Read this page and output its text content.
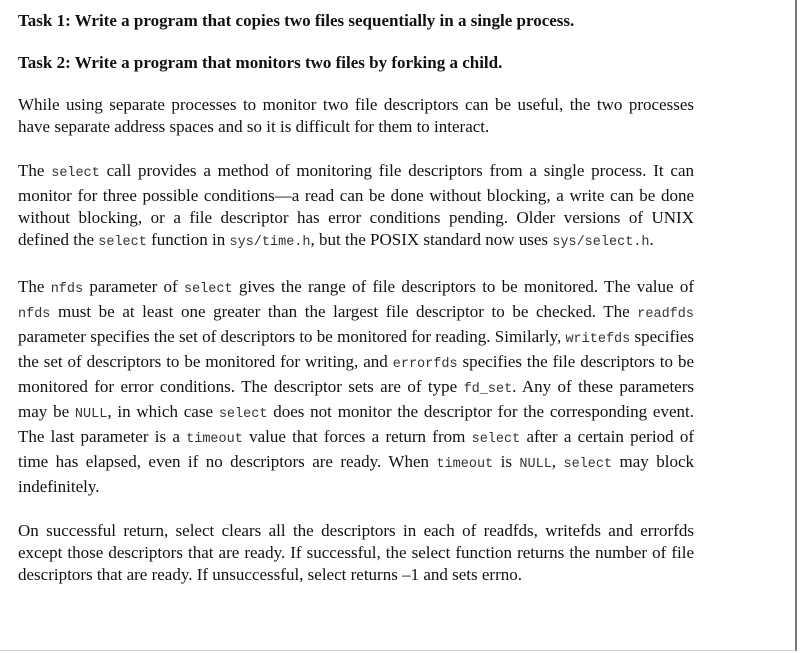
Task 1: Write a program that copies two files sequentially in a single process.

Task 2: Write a program that monitors two files by forking a child.

While using separate processes to monitor two file descriptors can be useful, the two processes have separate address spaces and so it is difficult for them to interact.

The select call provides a method of monitoring file descriptors from a single process. It can monitor for three possible conditions—a read can be done without blocking, a write can be done without blocking, or a file descriptor has error conditions pending. Older versions of UNIX defined the select function in sys/time.h, but the POSIX standard now uses sys/select.h.

The nfds parameter of select gives the range of file descriptors to be monitored. The value of nfds must be at least one greater than the largest file descriptor to be checked. The readfds parameter specifies the set of descriptors to be monitored for reading. Similarly, writefds specifies the set of descriptors to be monitored for writing, and errorfds specifies the file descriptors to be monitored for error conditions. The descriptor sets are of type fd_set. Any of these parameters may be NULL, in which case select does not monitor the descriptor for the corresponding event. The last parameter is a timeout value that forces a return from select after a certain period of time has elapsed, even if no descriptors are ready. When timeout is NULL, select may block indefinitely.

On successful return, select clears all the descriptors in each of readfds, writefds and errorfds except those descriptors that are ready. If successful, the select function returns the number of file descriptors that are ready. If unsuccessful, select returns –1 and sets errno.
